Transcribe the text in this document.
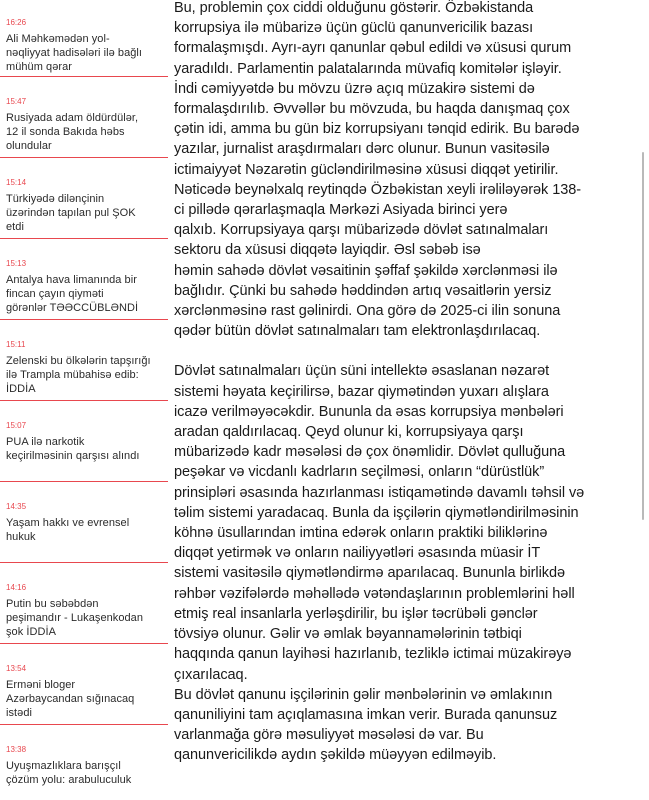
16:26
Ali Məhkəmədən yol-
nəqliyyat hadisələri ilə bağlı
mühüm qərar
15:47
Rusiyada adam öldürdülər,
12 il sonda Bakıda həbs
olundular
15:14
Türkiyədə dilənçinin
üzərindən tapılan pul ŞOK
etdi
15:13
Antalya hava limanında bir
fincan çayın qiyməti
görənlər TƏƏCCÜBLƏNDİ
15:11
Zelenski bu ölkələrin tapşırığı
ilə Trampla mübahisə edib:
İDDİA
15:07
PUA ilə narkotik
keçirilməsinin qarşısı alındı
14:35
Yaşam hakkı ve evrensel
hukuk
14:16
Putin bu səbəbdən
peşimandır - Lukaşenkodan
şok İDDİA
13:54
Erməni bloger
Azərbaycandan sığınacaq
istədi
13:38
Uyuşmazlıklara barışçıl
çözüm yolu: arabuluculuk

Bu, problemin çox ciddi olduğunu göstərir. Özbəkistanda
korrupsiya ilə mübarizə üçün güclü qanunvericilik bazası
formalaşmışdı. Ayrı-ayrı qanunlar qəbul edildi və xüsusi qurum
yaradıldı. Parlamentin palatalarında müvafiq komitələr işləyir.
İndi cəmiyyətdə bu mövzu üzrə açıq müzakirə sistemi də
formalaşdırılıb. Əvvəllər bu mövzuda, bu haqda danışmaq çox
çətin idi, amma bu gün biz korrupsiyanı tənqid edirik. Bu barədə
yazılar, jurnalist araşdırmaları dərc olunur. Bunun vasitəsilə
ictimaiyyət Nəzarətin gücləndirilməsinə xüsusi diqqət yetirilir.
Nəticədə beynəlxalq reytinqdə Özbəkistan xeyli irəliləyərək 138-
ci pillədə qərarlaşmaqla Mərkəzi Asiyada birinci yerə
qalxıb. Korrupsiyaya qarşı mübarizədə dövlət satınalmaları
sektoru da xüsusi diqqətə layiqdir. Əsl səbəb isə
həmin sahədə dövlət vəsaitinin şəffaf şəkildə xərclənməsi ilə
bağlıdır. Çünki bu sahədə həddindən artıq vəsaitlərin yersiz
xərclənməsinə rast gəlinirdi. Ona görə də 2025-ci ilin sonuna
qədər bütün dövlət satınalmaları tam elektronlaşdırılacaq.

Dövlət satınalmaları üçün süni intellektə əsaslanan nəzarət
sistemi həyata keçirilirsə, bazar qiymətindən yuxarı alışlara
icazə verilməyəcəkdir. Bununla da əsas korrupsiya mənbələri
aradan qaldırılacaq. Qeyd olunur ki, korrupsiyaya qarşı
mübarizədə kadr məsələsi də çox önəmlidir. Dövlət qulluğuna
peşəkar və vicdanlı kadrların seçilməsi, onların “dürüstlük”
prinsipləri əsasında hazırlanması istiqamətində davamlı təhsil və
təlim sistemi yaradacaq. Bunla da işçilərin qiymətləndirilməsinin
köhnə üsullarından imtina edərək onların praktiki biliklərinə
diqqət yetirmək və onların nailiyyətləri əsasında müasir İT
sistemi vasitəsilə qiymətləndirmə aparılacaq. Bununla birlikdə
rəhbər vəzifələrdə məhəllədə vətəndaşlarının problemlərini həll
etmiş real insanlarla yerləşdirilir, bu işlər təcrübəli gənclər
tövsiyə olunur. Gəlir və əmlak bəyannamələrinin tətbiqi
haqqında qanun layihəsi hazırlanıb, tezliklə ictimai müzakirəyə
çıxarılacaq.

Bu dövlət qanunu işçilərinin gəlir mənbələrinin və əmlakının
qanuniliyini tam açıqlamasına imkan verir. Burada qanunsuz
varlanmağa görə məsuliyyət məsələsi də var. Bu
qanunvericilikdə aydın şəkildə müəyyən edilməyib.
